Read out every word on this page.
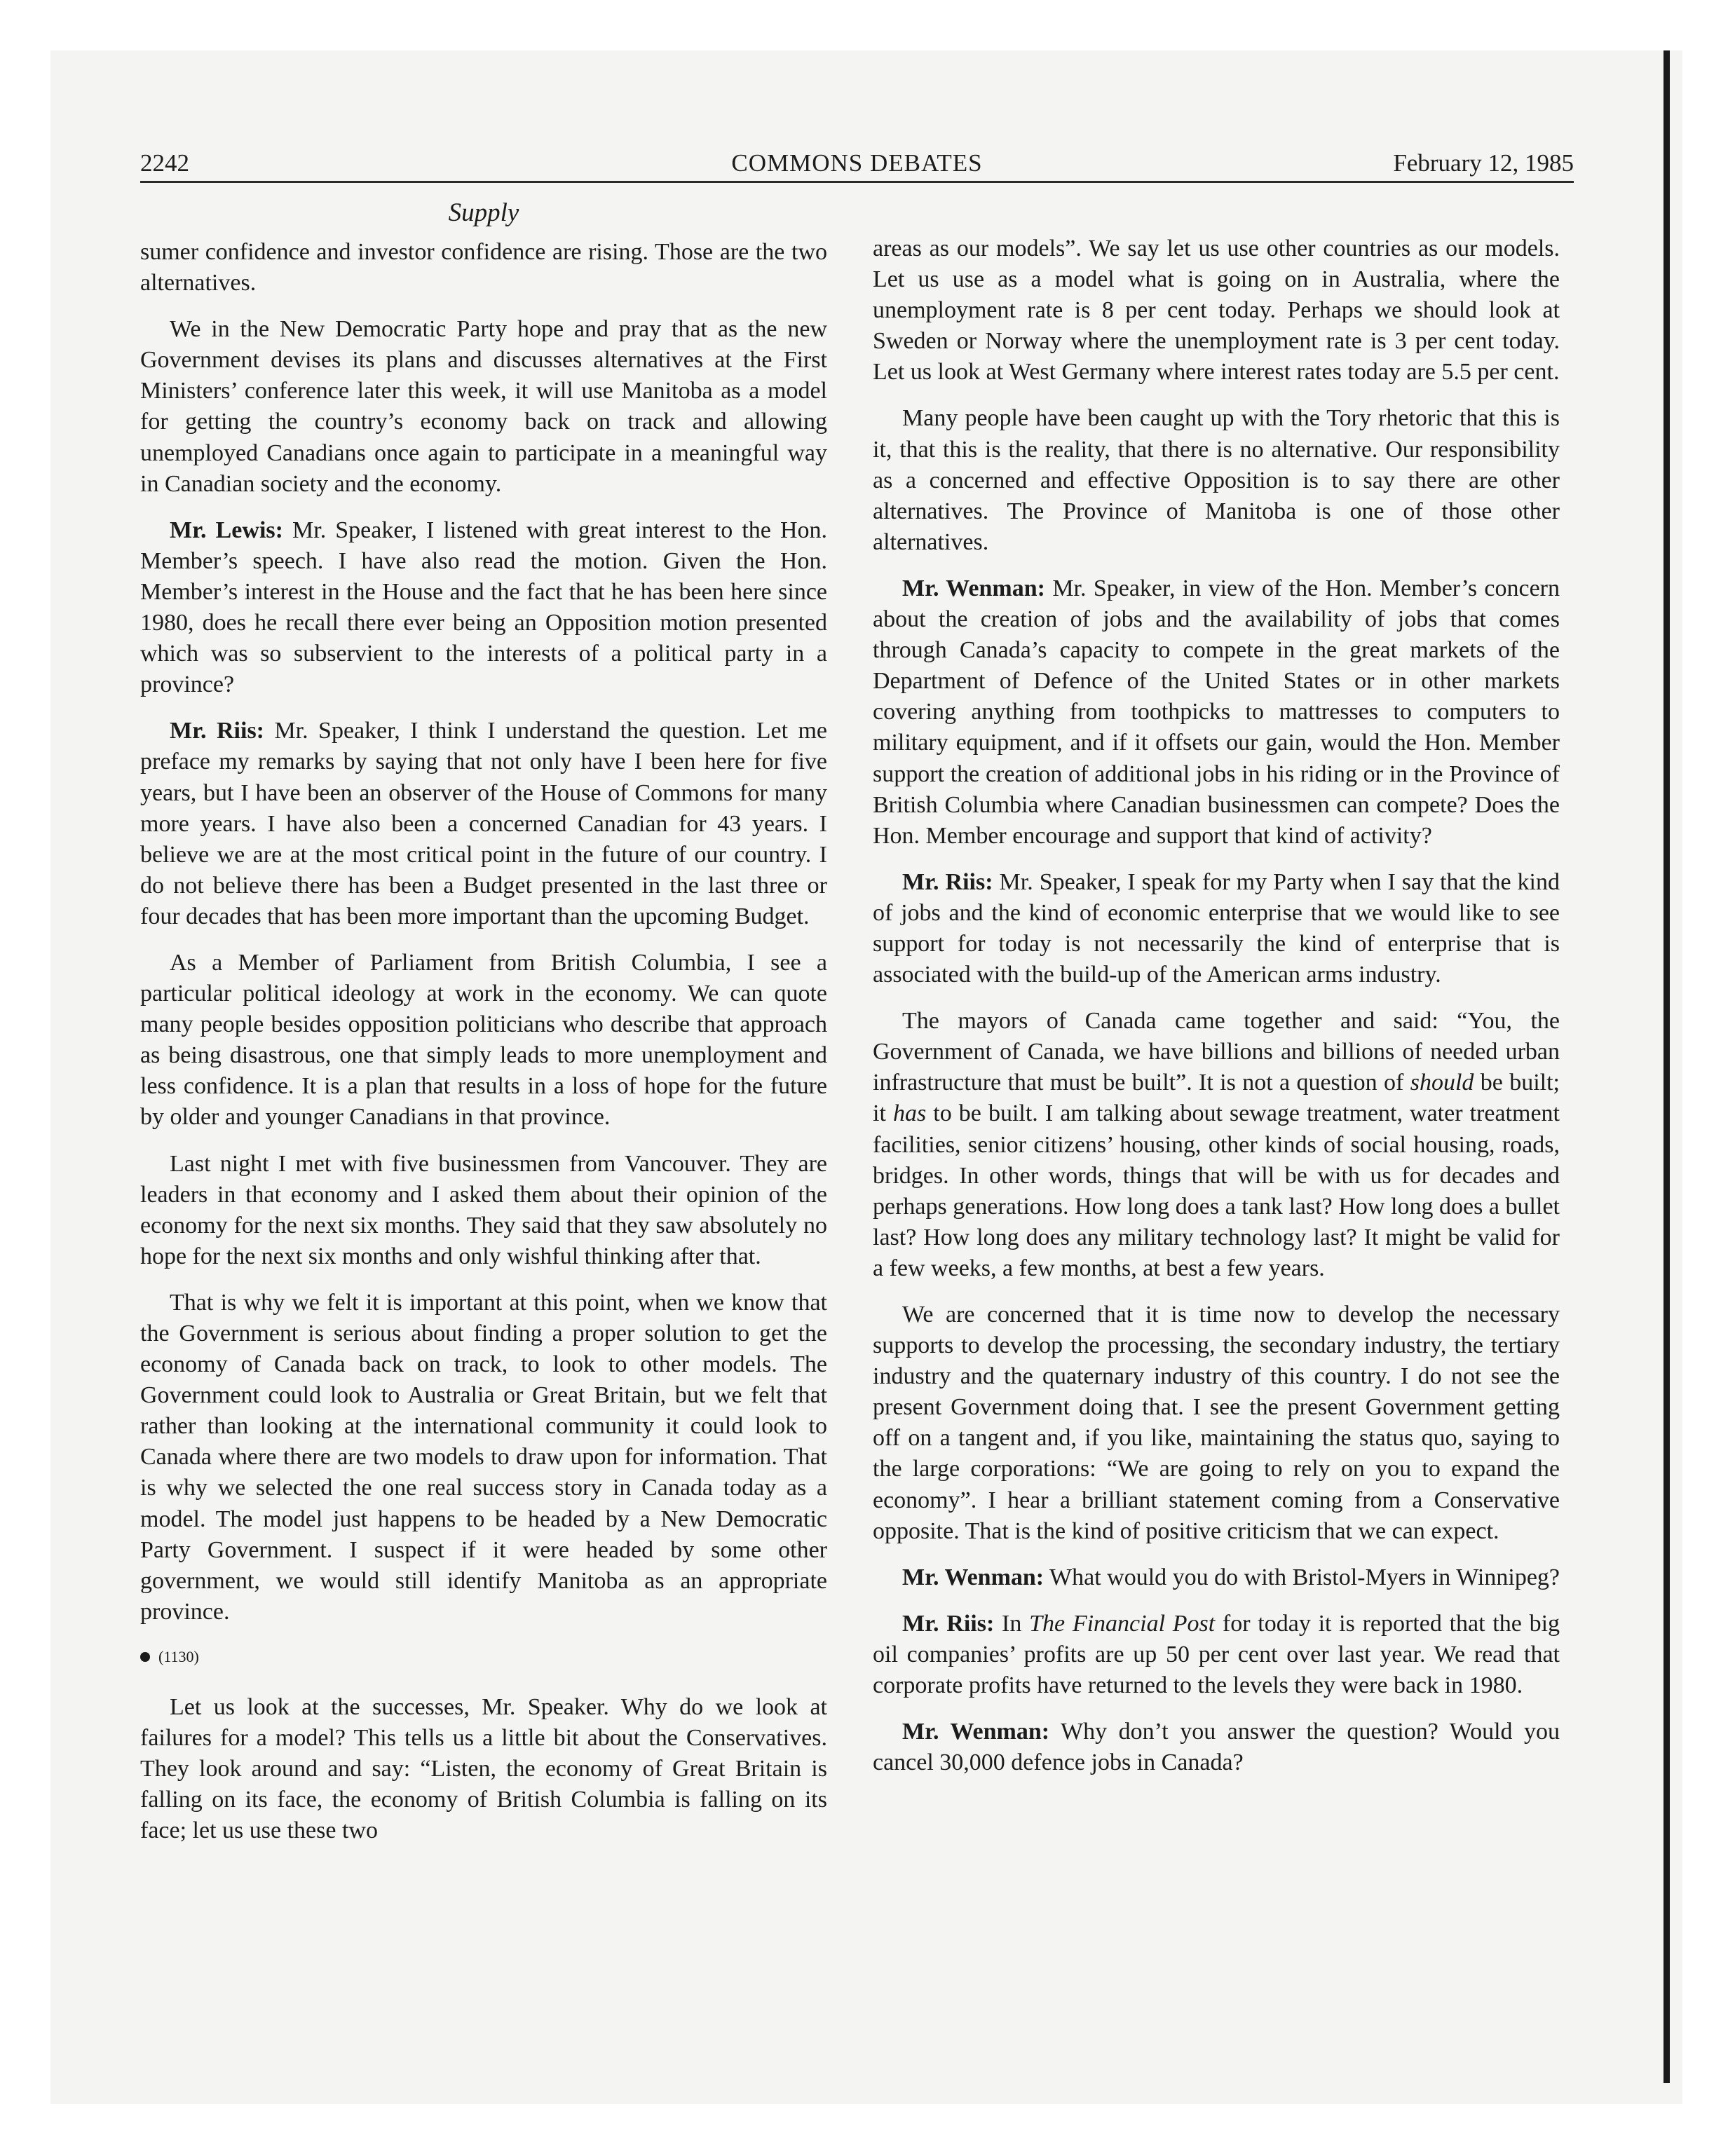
2242	COMMONS DEBATES	February 12, 1985
Supply

sumer confidence and investor confidence are rising. Those are the two alternatives.

We in the New Democratic Party hope and pray that as the new Government devises its plans and discusses alternatives at the First Ministers’ conference later this week, it will use Manitoba as a model for getting the country’s economy back on track and allowing unemployed Canadians once again to participate in a meaningful way in Canadian society and the economy.

Mr. Lewis: Mr. Speaker, I listened with great interest to the Hon. Member’s speech. I have also read the motion. Given the Hon. Member’s interest in the House and the fact that he has been here since 1980, does he recall there ever being an Opposition motion presented which was so subservient to the interests of a political party in a province?

Mr. Riis: Mr. Speaker, I think I understand the question. Let me preface my remarks by saying that not only have I been here for five years, but I have been an observer of the House of Commons for many more years. I have also been a concerned Canadian for 43 years. I believe we are at the most critical point in the future of our country. I do not believe there has been a Budget presented in the last three or four decades that has been more important than the upcoming Budget.

As a Member of Parliament from British Columbia, I see a particular political ideology at work in the economy. We can quote many people besides opposition politicians who describe that approach as being disastrous, one that simply leads to more unemployment and less confidence. It is a plan that results in a loss of hope for the future by older and younger Canadians in that province.

Last night I met with five businessmen from Vancouver. They are leaders in that economy and I asked them about their opinion of the economy for the next six months. They said that they saw absolutely no hope for the next six months and only wishful thinking after that.

That is why we felt it is important at this point, when we know that the Government is serious about finding a proper solution to get the economy of Canada back on track, to look to other models. The Government could look to Australia or Great Britain, but we felt that rather than looking at the international community it could look to Canada where there are two models to draw upon for information. That is why we selected the one real success story in Canada today as a model. The model just happens to be headed by a New Democratic Party Government. I suspect if it were headed by some other government, we would still identify Manitoba as an appropriate province.

(1130)

Let us look at the successes, Mr. Speaker. Why do we look at failures for a model? This tells us a little bit about the Conservatives. They look around and say: “Listen, the economy of Great Britain is falling on its face, the economy of British Columbia is falling on its face; let us use these two

areas as our models”. We say let us use other countries as our models. Let us use as a model what is going on in Australia, where the unemployment rate is 8 per cent today. Perhaps we should look at Sweden or Norway where the unemployment rate is 3 per cent today. Let us look at West Germany where interest rates today are 5.5 per cent.

Many people have been caught up with the Tory rhetoric that this is it, that this is the reality, that there is no alternative. Our responsibility as a concerned and effective Opposition is to say there are other alternatives. The Province of Manitoba is one of those other alternatives.

Mr. Wenman: Mr. Speaker, in view of the Hon. Member’s concern about the creation of jobs and the availability of jobs that comes through Canada’s capacity to compete in the great markets of the Department of Defence of the United States or in other markets covering anything from toothpicks to mattresses to computers to military equipment, and if it offsets our gain, would the Hon. Member support the creation of additional jobs in his riding or in the Province of British Columbia where Canadian businessmen can compete? Does the Hon. Member encourage and support that kind of activity?

Mr. Riis: Mr. Speaker, I speak for my Party when I say that the kind of jobs and the kind of economic enterprise that we would like to see support for today is not necessarily the kind of enterprise that is associated with the build-up of the American arms industry.

The mayors of Canada came together and said: “You, the Government of Canada, we have billions and billions of needed urban infrastructure that must be built”. It is not a question of should be built; it has to be built. I am talking about sewage treatment, water treatment facilities, senior citizens’ housing, other kinds of social housing, roads, bridges. In other words, things that will be with us for decades and perhaps generations. How long does a tank last? How long does a bullet last? How long does any military technology last? It might be valid for a few weeks, a few months, at best a few years.

We are concerned that it is time now to develop the necessary supports to develop the processing, the secondary industry, the tertiary industry and the quaternary industry of this country. I do not see the present Government doing that. I see the present Government getting off on a tangent and, if you like, maintaining the status quo, saying to the large corporations: “We are going to rely on you to expand the economy”. I hear a brilliant statement coming from a Conservative opposite. That is the kind of positive criticism that we can expect.

Mr. Wenman: What would you do with Bristol-Myers in Winnipeg?

Mr. Riis: In The Financial Post for today it is reported that the big oil companies’ profits are up 50 per cent over last year. We read that corporate profits have returned to the levels they were back in 1980.

Mr. Wenman: Why don’t you answer the question? Would you cancel 30,000 defence jobs in Canada?
